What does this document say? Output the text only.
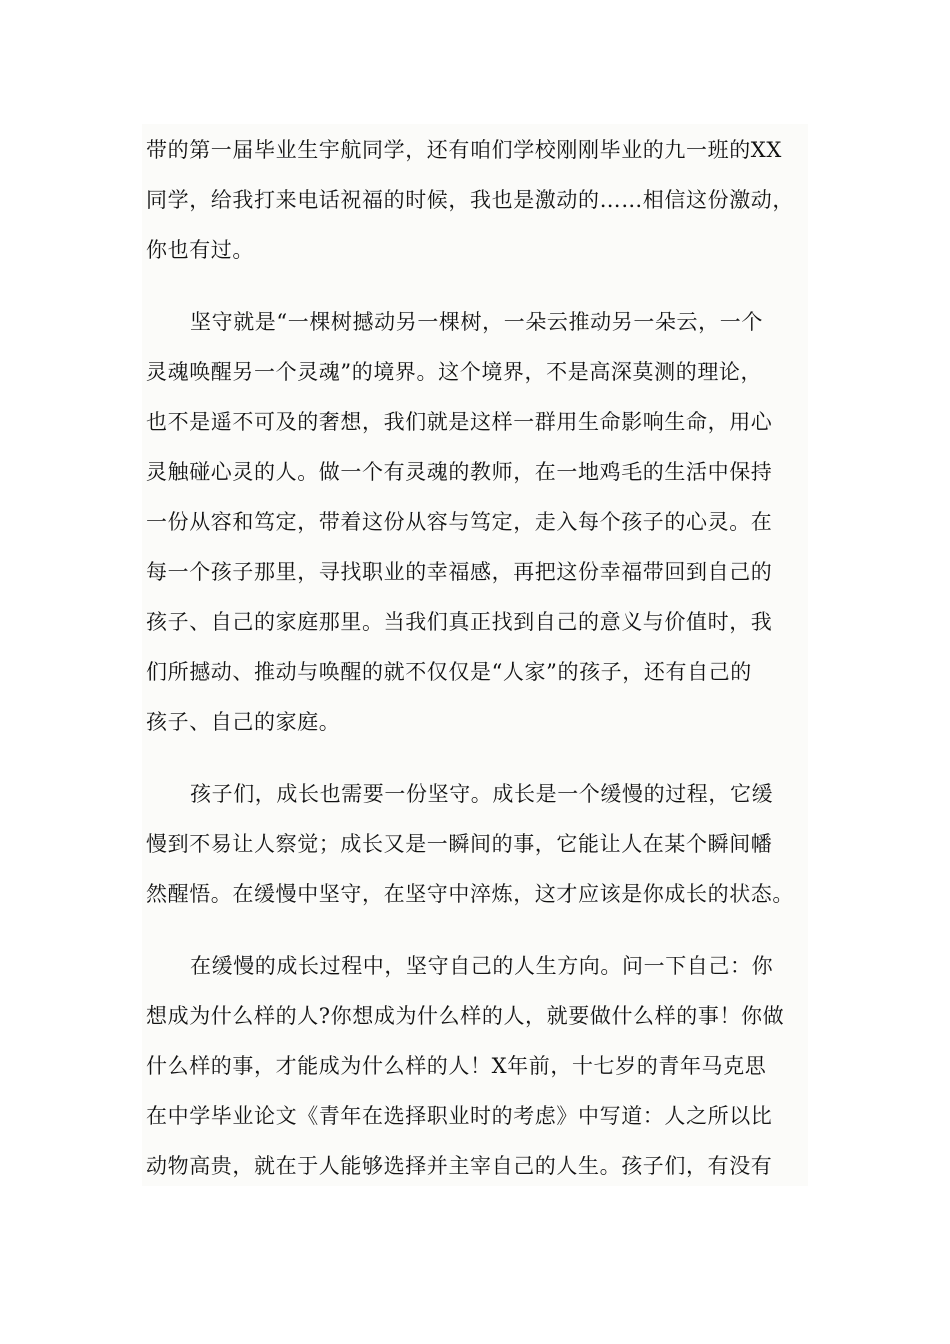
带的第一届毕业生宇航同学，还有咱们学校刚刚毕业的九一班的XX

同学，给我打来电话祝福的时候，我也是激动的……相信这份激动，

你也有过。

坚守就是“一棵树撼动另一棵树，一朵云推动另一朵云，一个

灵魂唤醒另一个灵魂”的境界。这个境界，不是高深莫测的理论，

也不是遥不可及的奢想，我们就是这样一群用生命影响生命，用心

灵触碰心灵的人。做一个有灵魂的教师，在一地鸡毛的生活中保持

一份从容和笃定，带着这份从容与笃定，走入每个孩子的心灵。在

每一个孩子那里，寻找职业的幸福感，再把这份幸福带回到自己的

孩子、自己的家庭那里。当我们真正找到自己的意义与价值时，我

们所撼动、推动与唤醒的就不仅仅是“人家”的孩子，还有自己的

孩子、自己的家庭。

孩子们，成长也需要一份坚守。成长是一个缓慢的过程，它缓

慢到不易让人察觉；成长又是一瞬间的事，它能让人在某个瞬间幡

然醒悟。在缓慢中坚守，在坚守中淬炼，这才应该是你成长的状态。

在缓慢的成长过程中，坚守自己的人生方向。问一下自己：你

想成为什么样的人?你想成为什么样的人，就要做什么样的事！你做

什么样的事，才能成为什么样的人！X年前，十七岁的青年马克思

在中学毕业论文《青年在选择职业时的考虑》中写道：人之所以比

动物高贵，就在于人能够选择并主宰自己的人生。孩子们，有没有
